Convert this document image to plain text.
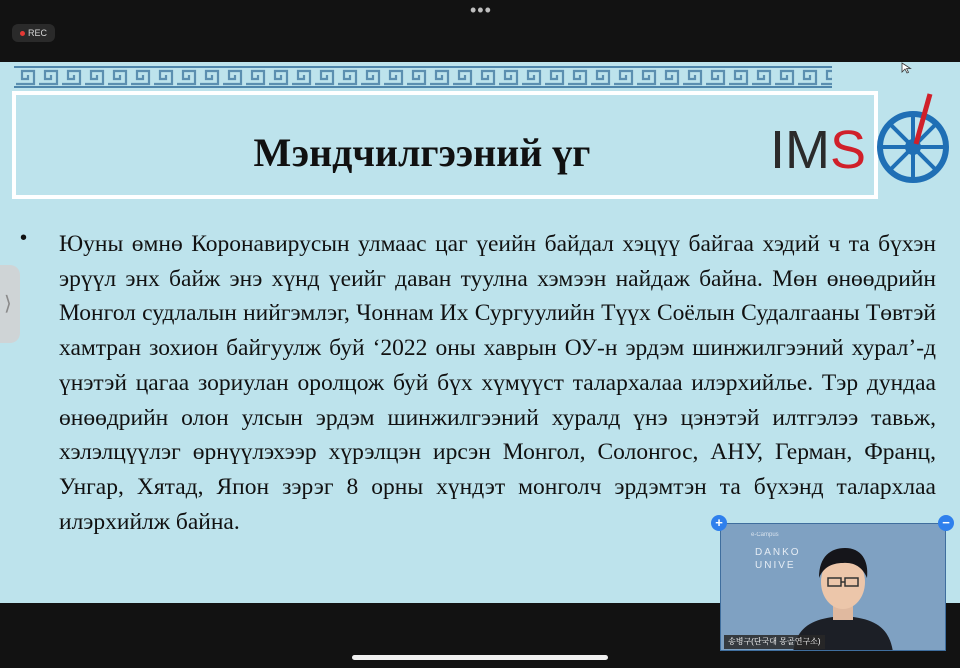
•••
REC
Мэндчилгээний үг	IMS
• Юуны өмнө Коронавирусын улмаас цаг үеийн байдал хэцүү байгаа хэдий ч та бүхэн эрүүл энх байж энэ хүнд үеийг даван туулна хэмээн найдаж байна. Мөн өнөөдрийн Монгол судлалын нийгэмлэг, Чоннам Их Сургуулийн Түүх Соёлын Судалгааны Төвтэй хамтран зохион байгуулж буй ‘2022 оны хаврын ОУ-н эрдэм шинжилгээний хурал’-д үнэтэй цагаа зориулан оролцож буй бүх хүмүүст талархалаа илэрхийлье. Тэр дундаа өнөөдрийн олон улсын эрдэм шинжилгээний хуралд үнэ цэнэтэй илтгэлээ тавьж, хэлэлцүүлэг өрнүүлэхээр хүрэлцэн ирсэн Монгол, Солонгос, АНУ, Герман, Франц, Унгар, Хятад, Япон зэрэг 8 орны хүндэт монголч эрдэмтэн та бүхэнд талархлаа илэрхийлж байна.

⟩
e-Campus
DANKO
UNIVE
송병구(단국대 몽골연구소)
+	−
